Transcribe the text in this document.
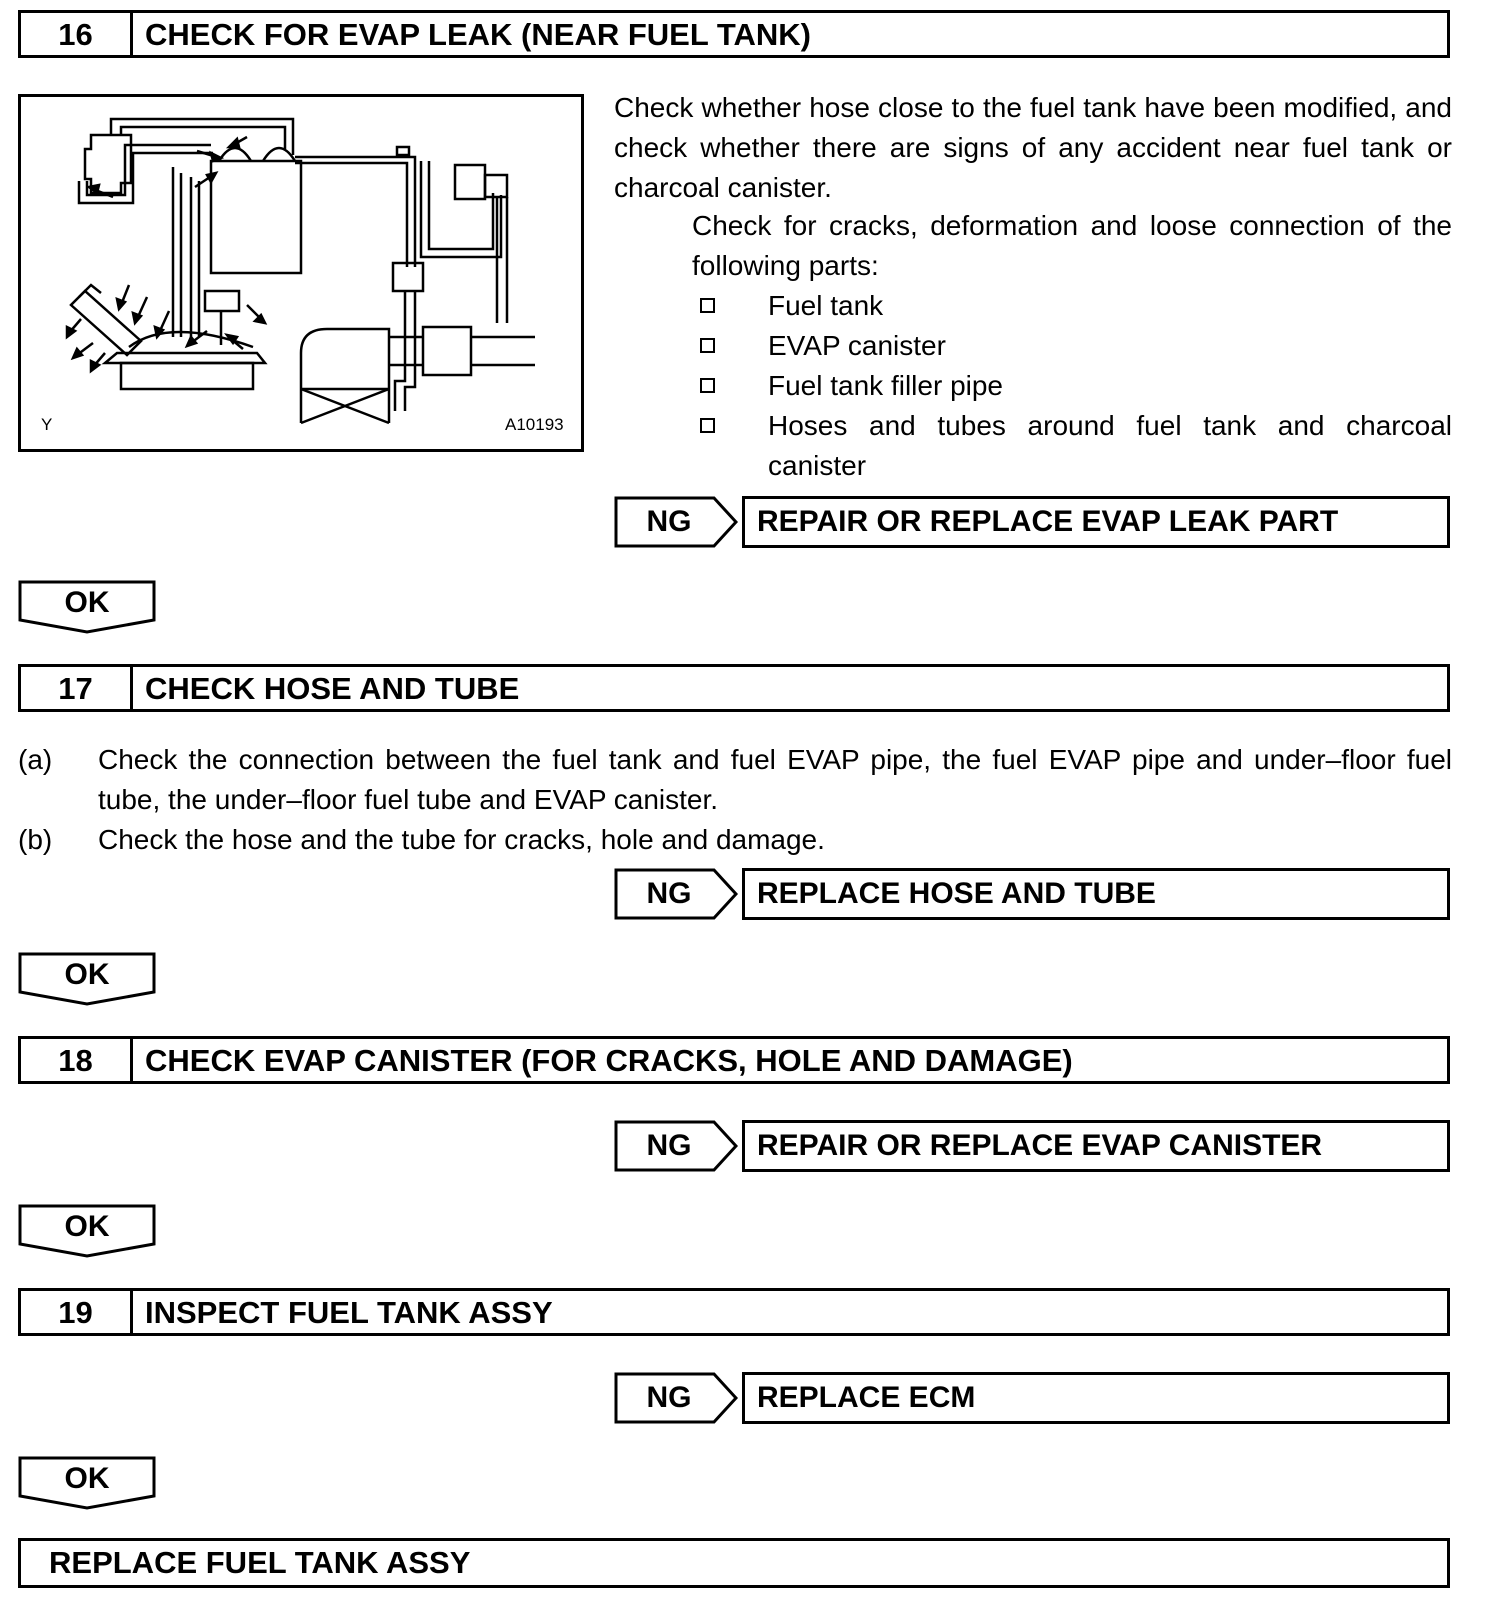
16	CHECK FOR EVAP LEAK (NEAR FUEL TANK)
Y	A10193
Check whether hose close to the fuel tank have been modified, and check whether there are signs of any accident near fuel tank or charcoal canister.
Check for cracks, deformation and loose connection of the following parts:
Fuel tank
EVAP canister
Fuel tank filler pipe
Hoses and tubes around fuel tank and charcoal canister
NG	REPAIR OR REPLACE EVAP LEAK PART
OK
17	CHECK HOSE AND TUBE
(a)	Check the connection between the fuel tank and fuel EVAP pipe, the fuel EVAP pipe and under–floor fuel tube, the under–floor fuel tube and EVAP canister.
(b)	Check the hose and the tube for cracks, hole and damage.
NG	REPLACE HOSE AND TUBE
OK
18	CHECK EVAP CANISTER (FOR CRACKS, HOLE AND DAMAGE)
NG	REPAIR OR REPLACE EVAP CANISTER
OK
19	INSPECT FUEL TANK ASSY
NG	REPLACE ECM
OK
REPLACE FUEL TANK ASSY
